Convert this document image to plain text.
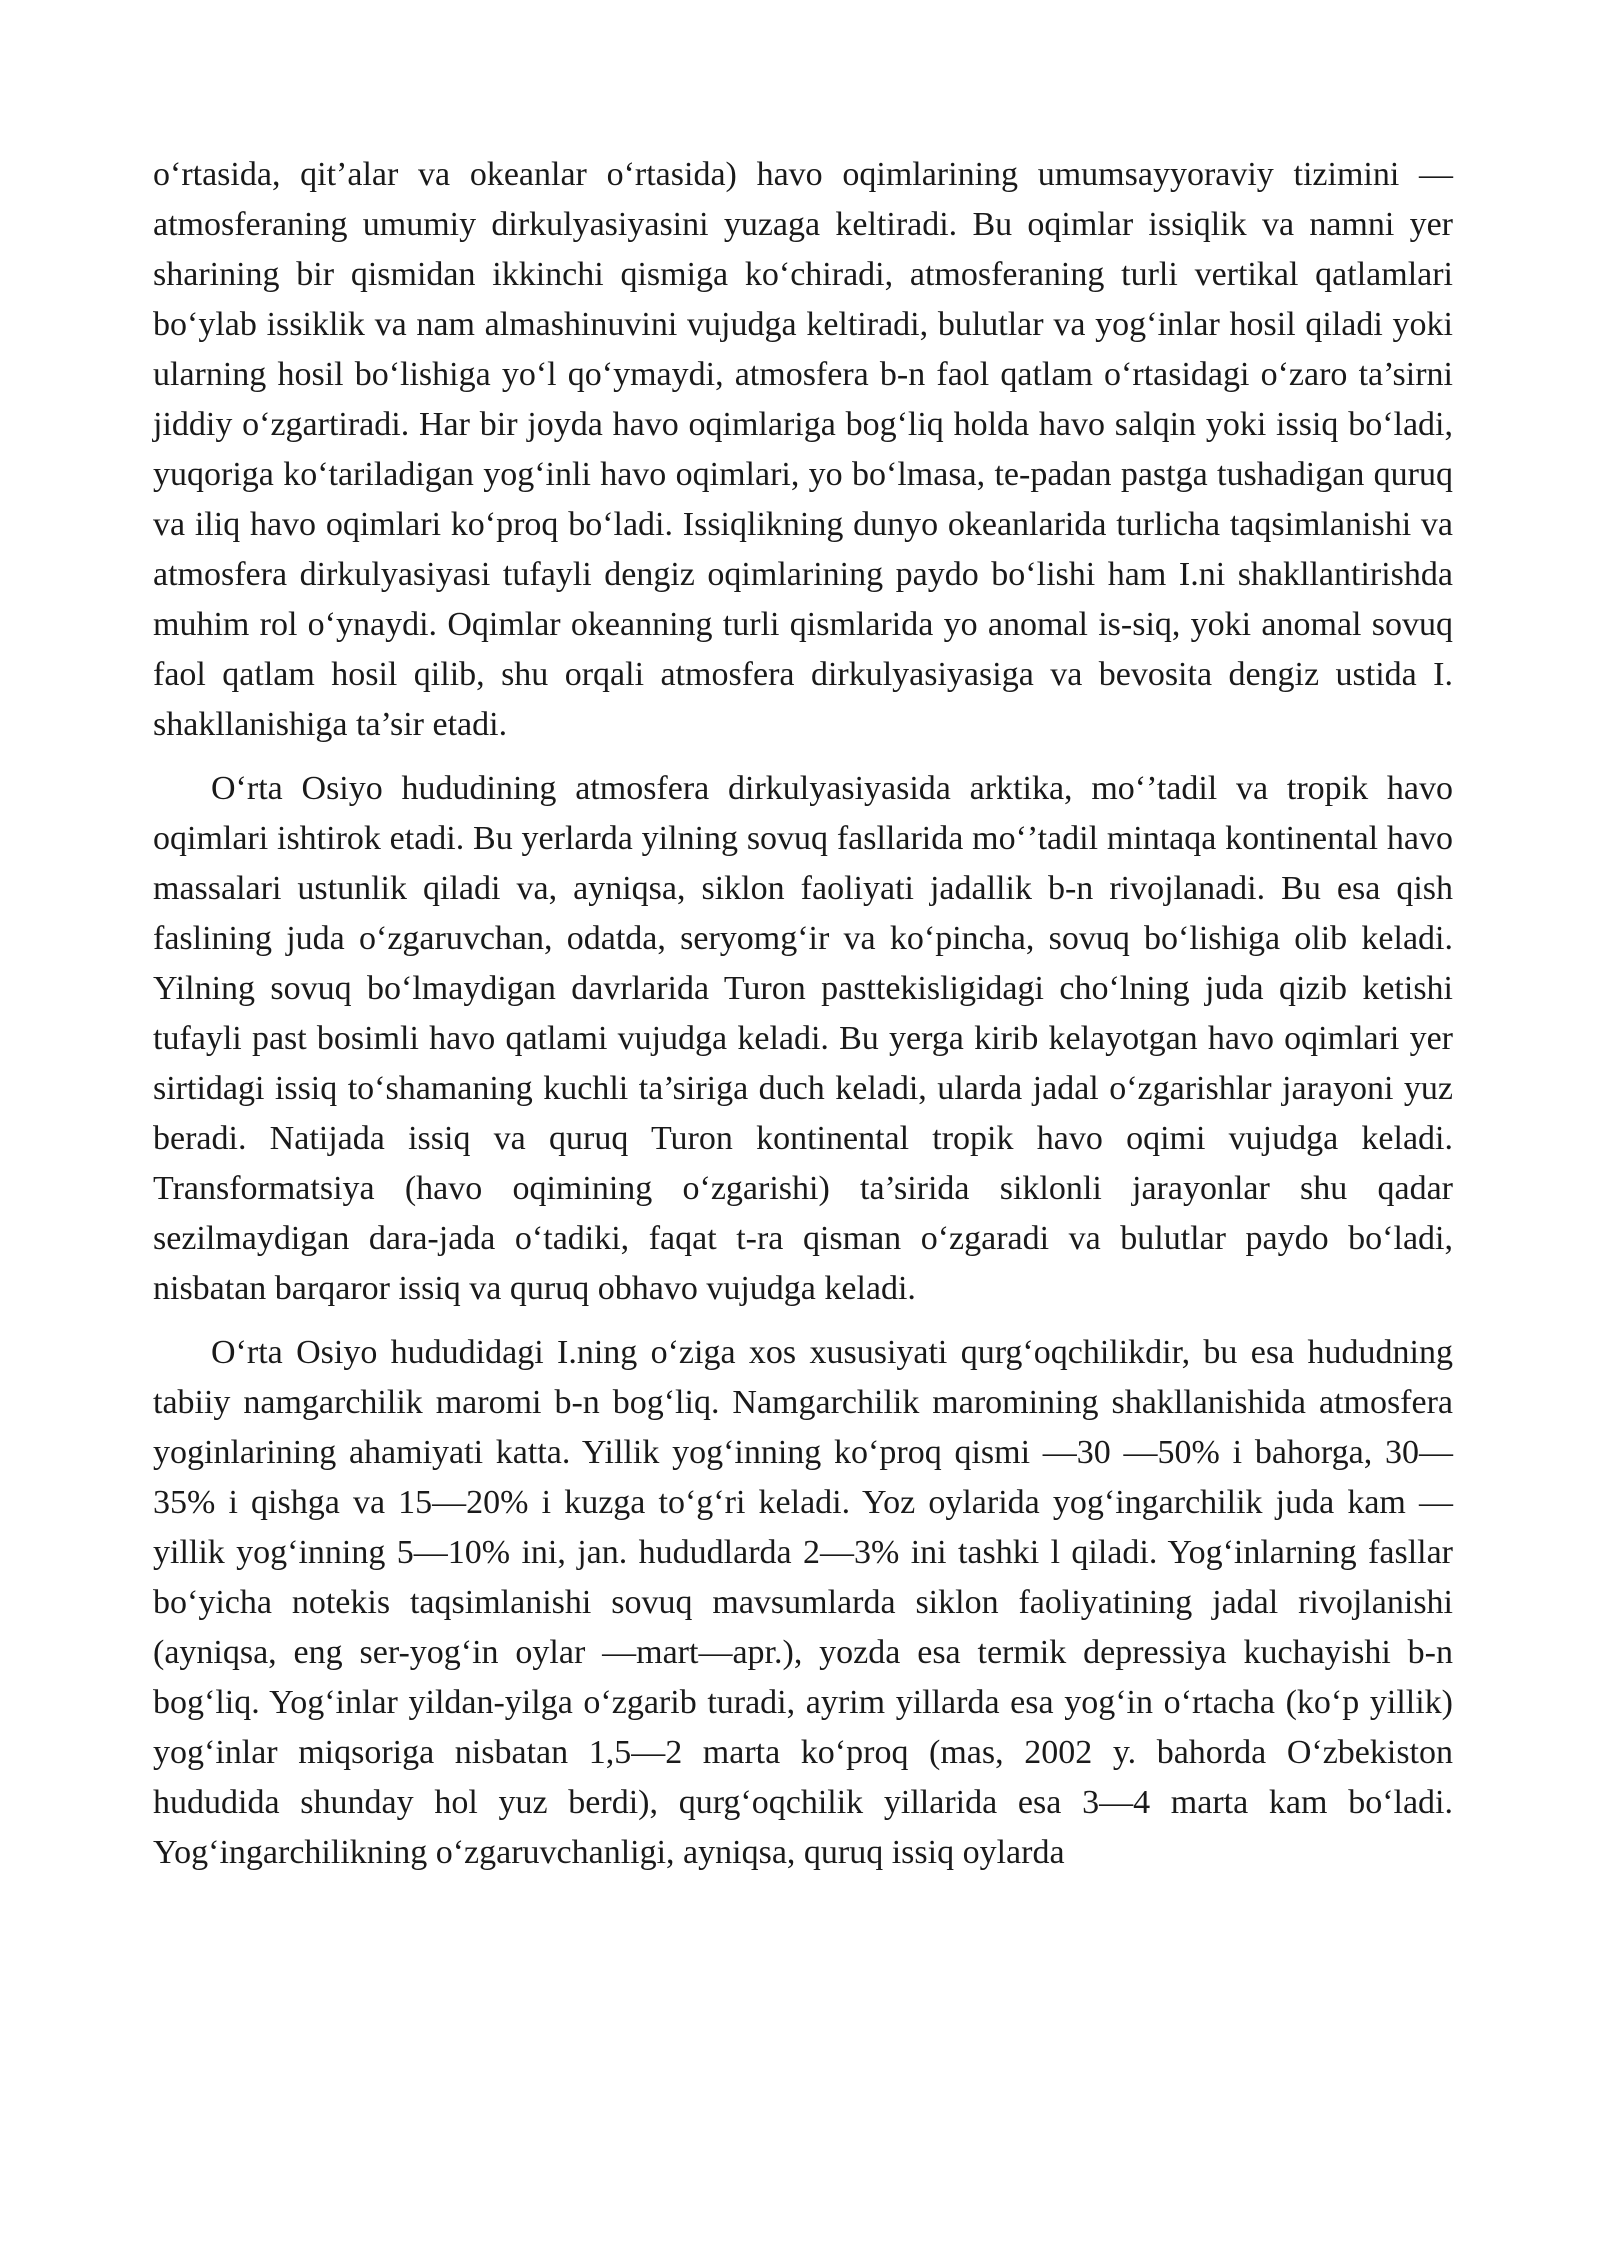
o‘rtasida, qit’alar va okeanlar o‘rtasida) havo oqimlarining umumsayyoraviy tizimini — atmosferaning umumiy dirkulyasiyasini yuzaga keltiradi. Bu oqimlar issiqlik va namni yer sharining bir qismidan ikkinchi qismiga ko‘chiradi, atmosferaning turli vertikal qatlamlari bo‘ylab issiklik va nam almashinuvini vujudga keltiradi, bulutlar va yog‘inlar hosil qiladi yoki ularning hosil bo‘lishiga yo‘l qo‘ymaydi, atmosfera b-n faol qatlam o‘rtasidagi o‘zaro ta’sirni jiddiy o‘zgartiradi. Har bir joyda havo oqimlariga bog‘liq holda havo salqin yoki issiq bo‘ladi, yuqoriga ko‘tariladigan yog‘inli havo oqimlari, yo bo‘lmasa, te-padan pastga tushadigan quruq va iliq havo oqimlari ko‘proq bo‘ladi. Issiqlikning dunyo okeanlarida turlicha taqsimlanishi va atmosfera dirkulyasiyasi tufayli dengiz oqimlarining paydo bo‘lishi ham I.ni shakllantirishda muhim rol o‘ynaydi. Oqimlar okeanning turli qismlarida yo anomal is-siq, yoki anomal sovuq faol qatlam hosil qilib, shu orqali atmosfera dirkulyasiyasiga va bevosita dengiz ustida I. shakllanishiga ta’sir etadi.

O‘rta Osiyo hududining atmosfera dirkulyasiyasida arktika, mo‘’tadil va tropik havo oqimlari ishtirok etadi. Bu yerlarda yilning sovuq fasllarida mo‘’tadil mintaqa kontinental havo massalari ustunlik qiladi va, ayniqsa, siklon faoliyati jadallik b-n rivojlanadi. Bu esa qish faslining juda o‘zgaruvchan, odatda, seryomg‘ir va ko‘pincha, sovuq bo‘lishiga olib keladi. Yilning sovuq bo‘lmaydigan davrlarida Turon pasttekisligidagi cho‘lning juda qizib ketishi tufayli past bosimli havo qatlami vujudga keladi. Bu yerga kirib kelayotgan havo oqimlari yer sirtidagi issiq to‘shamaning kuchli ta’siriga duch keladi, ularda jadal o‘zgarishlar jarayoni yuz beradi. Natijada issiq va quruq Turon kontinental tropik havo oqimi vujudga keladi. Transformatsiya (havo oqimining o‘zgarishi) ta’sirida siklonli jarayonlar shu qadar sezilmaydigan dara-jada o‘tadiki, faqat t-ra qisman o‘zgaradi va bulutlar paydo bo‘ladi, nisbatan barqaror issiq va quruq obhavo vujudga keladi.

O‘rta Osiyo hududidagi I.ning o‘ziga xos xususiyati qurg‘oqchilikdir, bu esa hududning tabiiy namgarchilik maromi b-n bog‘liq. Namgarchilik maromining shakllanishida atmosfera yoginlarining ahamiyati katta. Yillik yog‘inning ko‘proq qismi —30 —50% i bahorga, 30—35% i qishga va 15—20% i kuzga to‘g‘ri keladi. Yoz oylarida yog‘ingarchilik juda kam — yillik yog‘inning 5—10% ini, jan. hududlarda 2—3% ini tashki l qiladi. Yog‘inlarning fasllar bo‘yicha notekis taqsimlanishi sovuq mavsumlarda siklon faoliyatining jadal rivojlanishi (ayniqsa, eng ser-yog‘in oylar —mart—apr.), yozda esa termik depressiya kuchayishi b-n bog‘liq. Yog‘inlar yildan-yilga o‘zgarib turadi, ayrim yillarda esa yog‘in o‘rtacha (ko‘p yillik) yog‘inlar miqsoriga nisbatan 1,5—2 marta ko‘proq (mas, 2002 y. bahorda O‘zbekiston hududida shunday hol yuz berdi), qurg‘oqchilik yillarida esa 3—4 marta kam bo‘ladi. Yog‘ingarchilikning o‘zgaruvchanligi, ayniqsa, quruq issiq oylarda
